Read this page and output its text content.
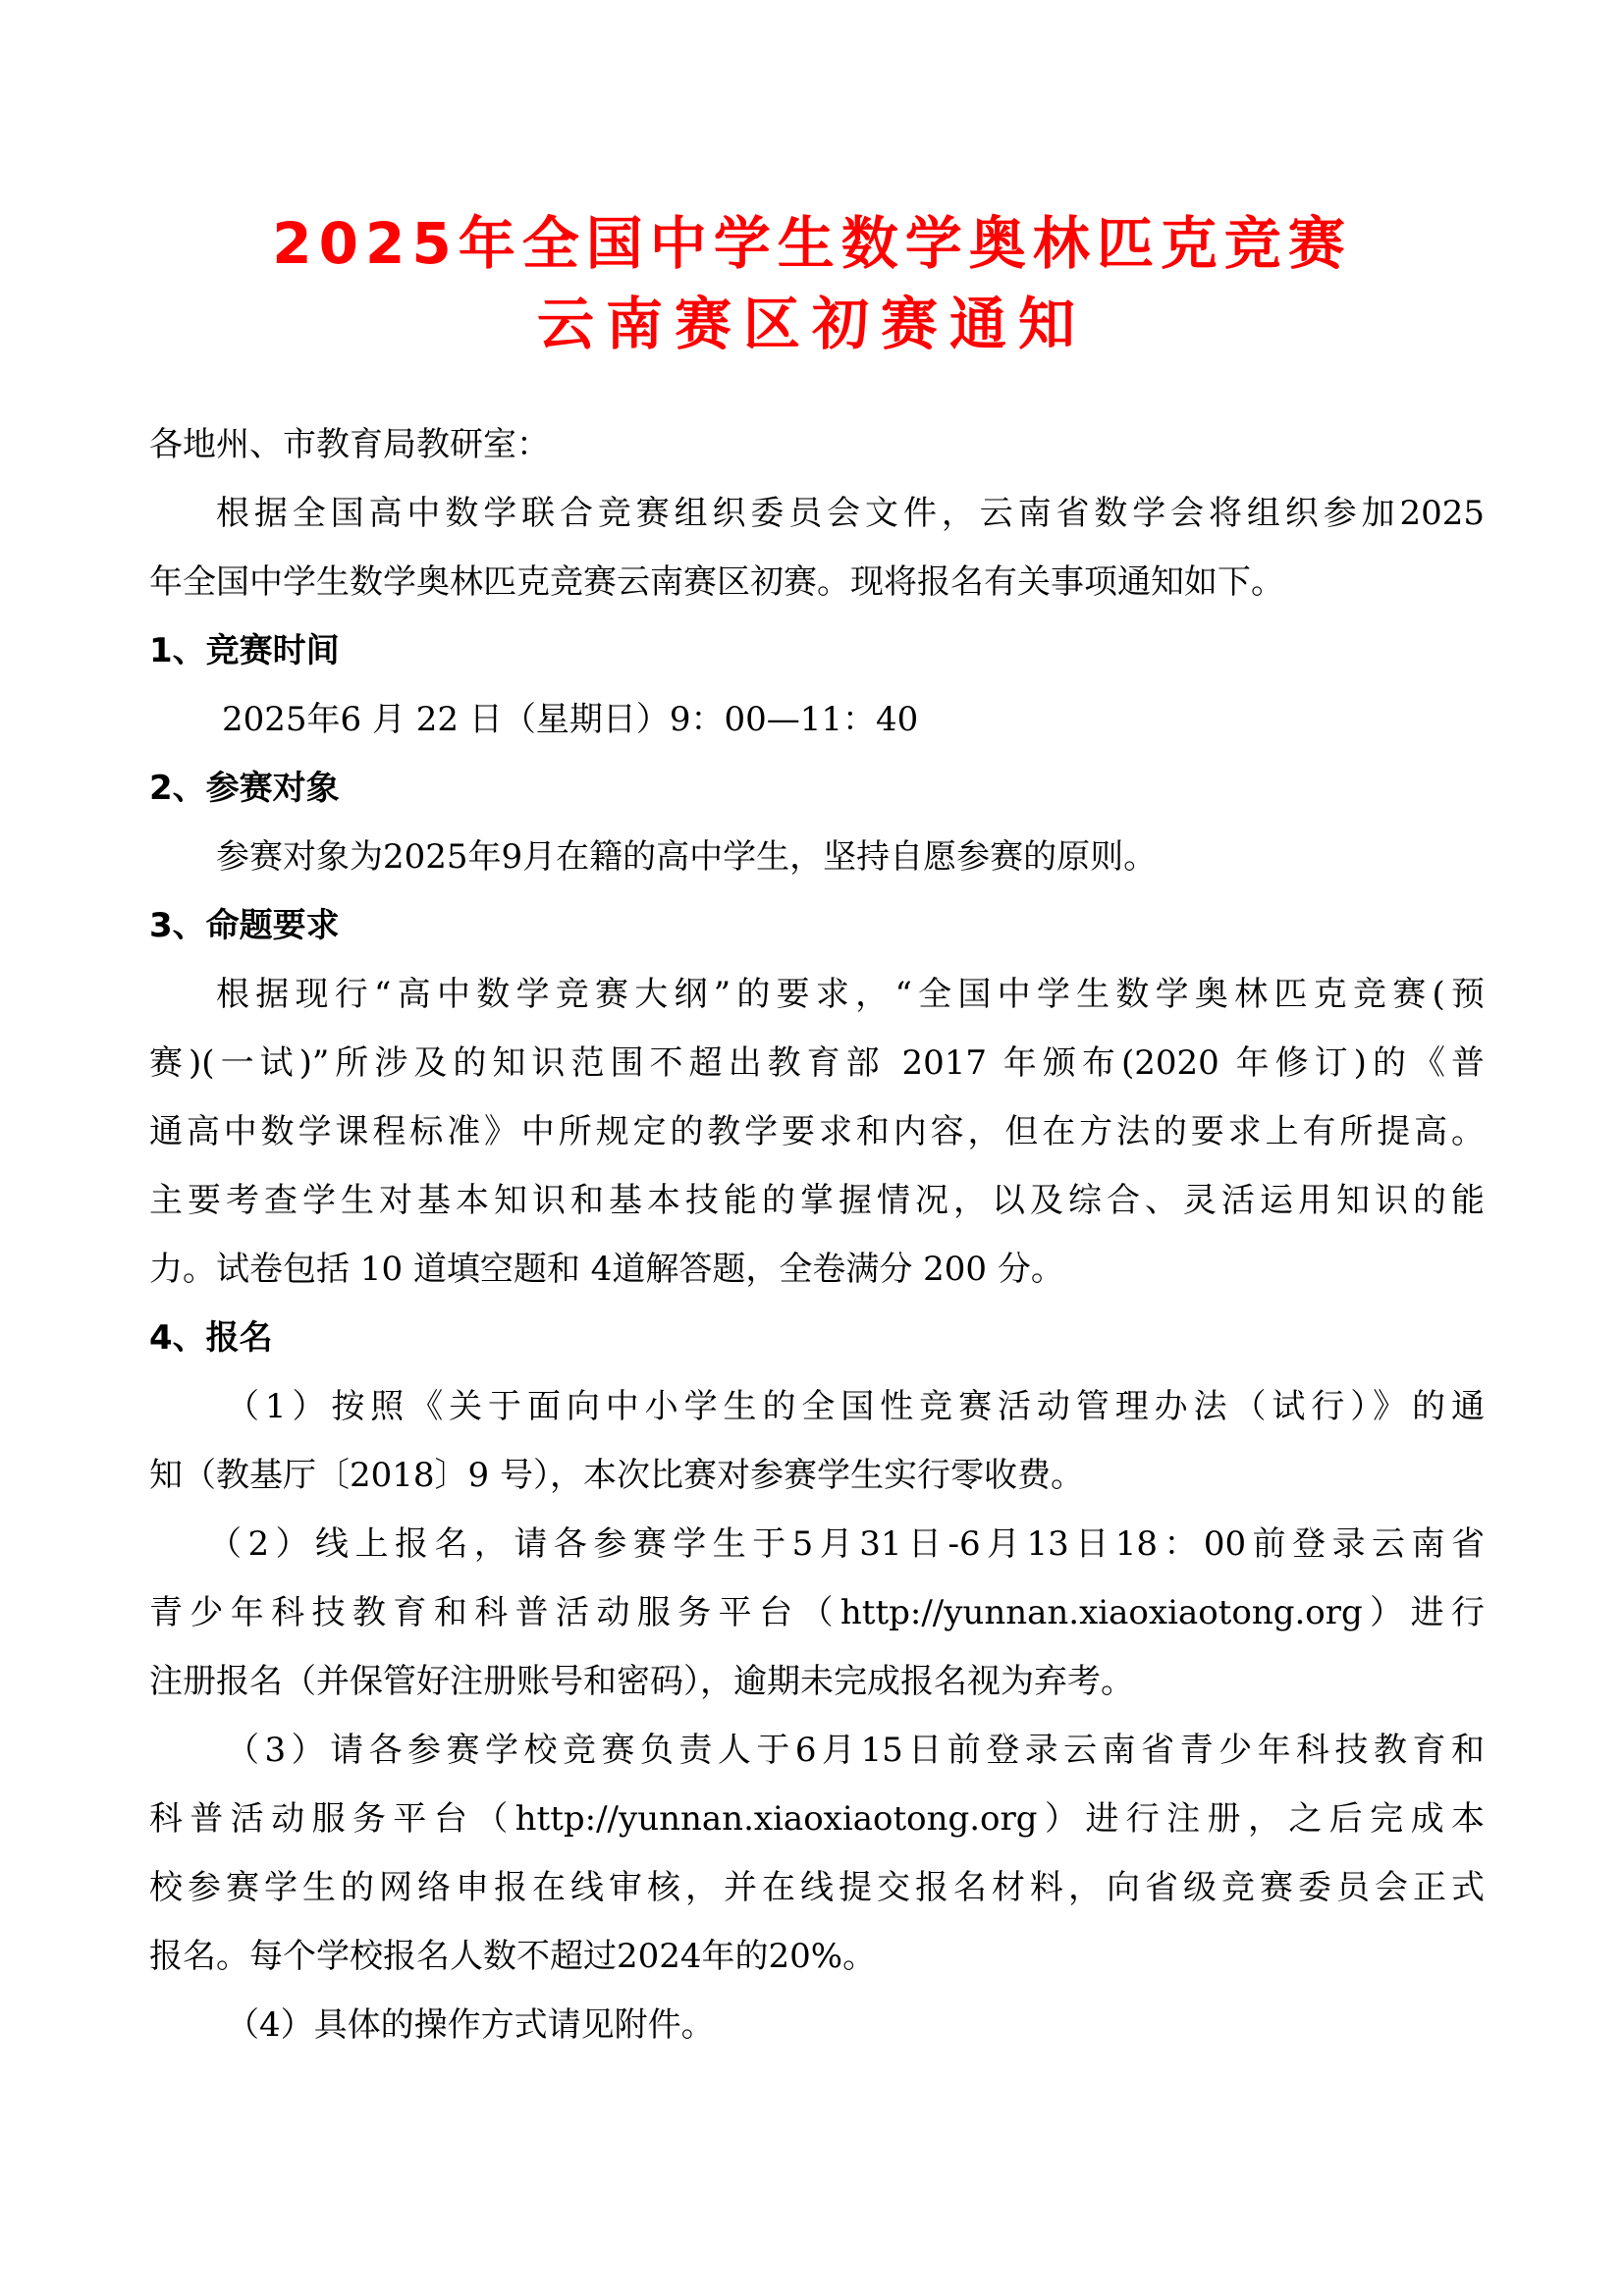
2025年全国中学生数学奥林匹克竞赛
云南赛区初赛通知
各地州、市教育局教研室：
根据全国高中数学联合竞赛组织委员会文件，云南省数学会将组织参加2025
年全国中学生数学奥林匹克竞赛云南赛区初赛。现将报名有关事项通知如下。
1、竞赛时间
2025年6 月 22 日（星期日）9：00—11：40
2、参赛对象
参赛对象为2025年9月在籍的高中学生，坚持自愿参赛的原则。
3、命题要求
根据现行“高中数学竞赛大纲”的要求，“全国中学生数学奥林匹克竞赛(预
赛)(一试)”所涉及的知识范围不超出教育部 2017 年颁布(2020 年修订)的《普
通高中数学课程标准》中所规定的教学要求和内容，但在方法的要求上有所提高。
主要考查学生对基本知识和基本技能的掌握情况，以及综合、灵活运用知识的能
力。试卷包括 10 道填空题和 4道解答题，全卷满分 200 分。
4、报名
（1）按照《关于面向中小学生的全国性竞赛活动管理办法（试行）》的通
知（教基厅〔2018〕9 号），本次比赛对参赛学生实行零收费。
（2）线上报名，请各参赛学生于5月31日-6月13日18：00前登录云南省
青少年科技教育和科普活动服务平台（http://yunnan.xiaoxiaotong.org）进行
注册报名（并保管好注册账号和密码），逾期未完成报名视为弃考。
（3）请各参赛学校竞赛负责人于6月15日前登录云南省青少年科技教育和
科普活动服务平台（http://yunnan.xiaoxiaotong.org）进行注册，之后完成本
校参赛学生的网络申报在线审核，并在线提交报名材料，向省级竞赛委员会正式
报名。每个学校报名人数不超过2024年的20%。
（4）具体的操作方式请见附件。
